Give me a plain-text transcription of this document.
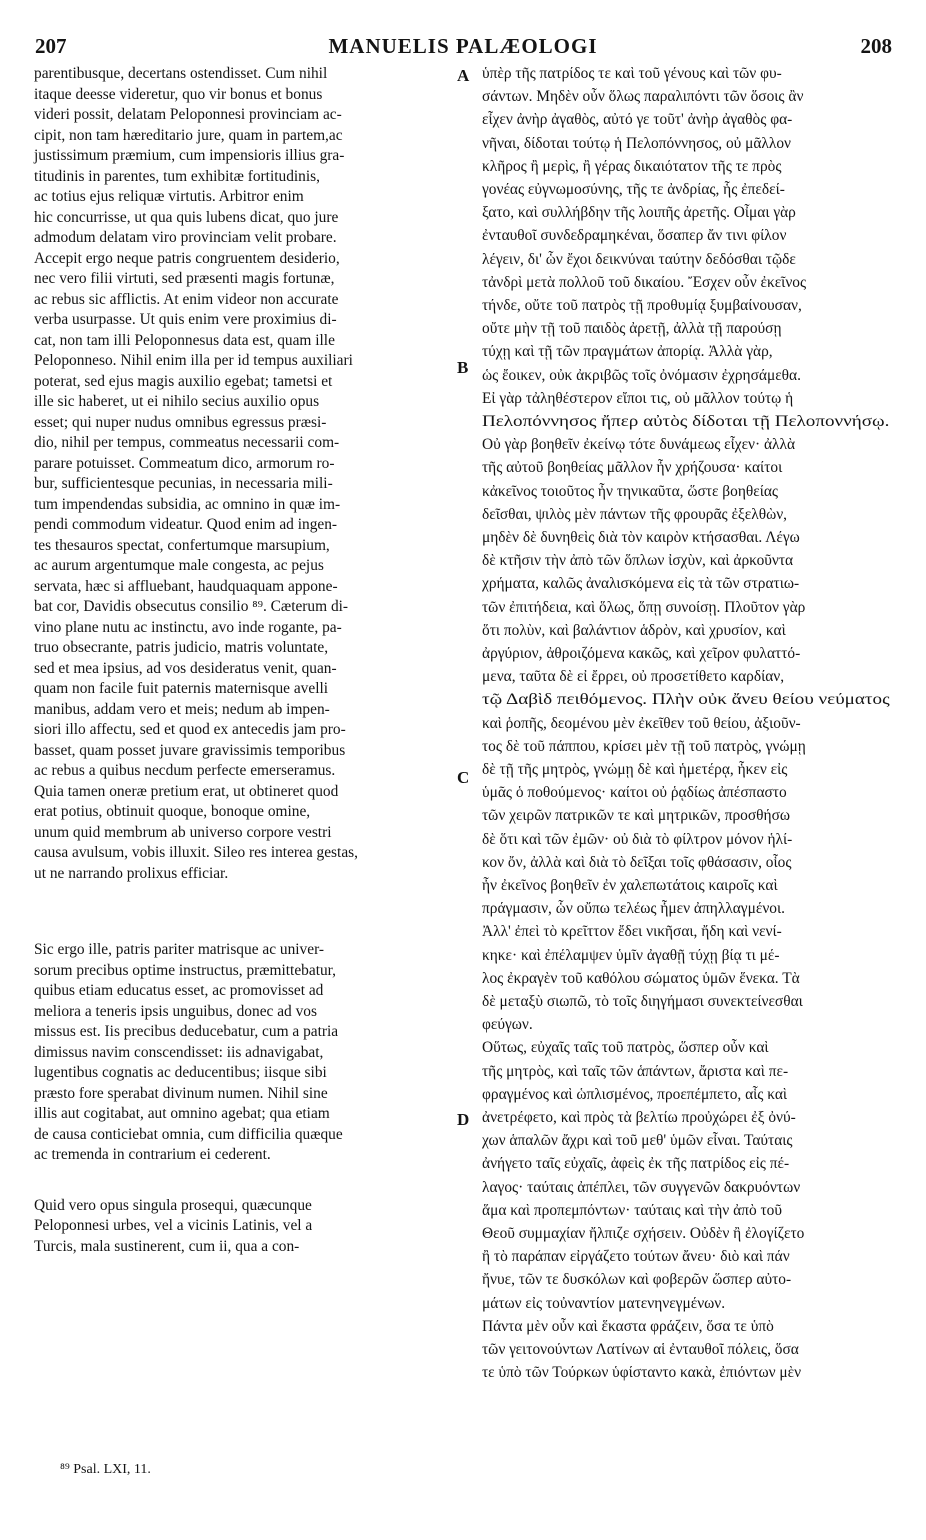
207	MANUELIS PALÆOLOGI	208
parentibusque, decertans ostendisset. Cum nihil
itaque deesse videretur, quo vir bonus et bonus
videri possit, delatam Peloponnesi provinciam ac-
cipit, non tam hæreditario jure, quam in partem,ac
justissimum præmium, cum impensioris illius gra-
titudinis in parentes, tum exhibitæ fortitudinis,
ac totius ejus reliquæ virtutis. Arbitror enim
hic concurrisse, ut qua quis lubens dicat, quo jure
admodum delatam viro provinciam velit probare.
Accepit ergo neque patris congruentem desiderio,
nec vero filii virtuti, sed præsenti magis fortunæ,
ac rebus sic afflictis. At enim videor non accurate
verba usurpasse. Ut quis enim vere proximius di-
cat, non tam illi Peloponnesus data est, quam ille
Peloponneso. Nihil enim illa per id tempus auxiliari
poterat, sed ejus magis auxilio egebat; tametsi et
ille sic haberet, ut ei nihilo secius auxilio opus
esset; qui nuper nudus omnibus egressus præsi-
dio, nihil per tempus, commeatus necessarii com-
parare potuisset. Commeatum dico, armorum ro-
bur, sufficientesque pecunias, in necessaria mili-
tum impendendas subsidia, ac omnino in quæ im-
pendi commodum videatur. Quod enim ad ingen-
tes thesauros spectat, confertumque marsupium,
ac aurum argentumque male congesta, ac pejus
servata, hæc si affluebant, haudquaquam appone-
bat cor, Davidis obsecutus consilio ⁸⁹. Cæterum di-
vino plane nutu ac instinctu, avo inde rogante, pa-
truo obsecrante, patris judicio, matris voluntate,
sed et mea ipsius, ad vos desideratus venit, quan-
quam non facile fuit paternis maternisque avelli
manibus, addam vero et meis; nedum ab impen-
siori illo affectu, sed et quod ex antecedis jam pro-
basset, quam posset juvare gravissimis temporibus
ac rebus a quibus necdum perfecte emerseramus.
Quia tamen oneræ pretium erat, ut obtineret quod
erat potius, obtinuit quoque, bonoque omine,
unum quid membrum ab universo corpore vestri
causa avulsum, vobis illuxit. Sileo res interea gestas,
ut ne narrando prolixus efficiar.
Sic ergo ille, patris pariter matrisque ac univer-
sorum precibus optime instructus, præmittebatur,
quibus etiam educatus esset, ac promovisset ad
meliora a teneris ipsis unguibus, donec ad vos
missus est. Iis precibus deducebatur, cum a patria
dimissus navim conscendisset: iis adnavigabat,
lugentibus cognatis ac deducentibus; iisque sibi
præsto fore sperabat divinum numen. Nihil sine
illis aut cogitabat, aut omnino agebat; qua etiam
de causa conticiebat omnia, cum difficilia quæque
ac tremenda in contrarium ei cederent.
Quid vero opus singula prosequi, quæcunque
Peloponnesi urbes, vel a vicinis Latinis, vel a
Turcis, mala sustinerent, cum ii, qua a con-
ὑπὲρ τῆς πατρίδος τε καὶ τοῦ γένους καὶ τῶν φυ-
σάντων. Μηδὲν οὖν ὅλως παραλιπόντι τῶν ὅσοις ἂν
εἶχεν ἀνὴρ ἀγαθὸς, αὐτό γε τοῦτ' ἀνὴρ ἀγαθὸς φα-
νῆναι, δίδοται τούτῳ ἡ Πελοπόννησος, οὐ μᾶλλον
κλῆρος ἢ μερὶς, ἢ γέρας δικαιότατον τῆς τε πρὸς
γονέας εὐγνωμοσύνης, τῆς τε ἀνδρίας, ἧς ἐπεδεί-
ξατο, καὶ συλλήβδην τῆς λοιπῆς ἀρετῆς. Οἶμαι γὰρ
ἐνταυθοῖ συνδεδραμηκέναι, ὅσαπερ ἄν τινι φίλον
λέγειν, δι' ὧν ἔχοι δεικνύναι ταύτην δεδόσθαι τῷδε
τἀνδρὶ μετὰ πολλοῦ τοῦ δικαίου. Ἔσχεν οὖν ἐκεῖνος
τήνδε, οὔτε τοῦ πατρὸς τῇ προθυμίᾳ ξυμβαίνουσαν,
οὔτε μὴν τῇ τοῦ παιδὸς ἀρετῇ, ἀλλὰ τῇ παρούσῃ
τύχῃ καὶ τῇ τῶν πραγμάτων ἀπορίᾳ. Ἀλλὰ γὰρ,
ὡς ἔοικεν, οὐκ ἀκριβῶς τοῖς ὀνόμασιν ἐχρησάμεθα.
Εἰ γὰρ τἀληθέστερον εἴποι τις, οὐ μᾶλλον τούτῳ ἡ
Πελοπόννησος ἤπερ αὐτὸς δίδοται τῇ Πελοποννήσῳ.
Οὐ γὰρ βοηθεῖν ἐκείνῳ τότε δυνάμεως εἶχεν· ἀλλὰ
τῆς αὐτοῦ βοηθείας μᾶλλον ἦν χρήζουσα· καίτοι
κἀκεῖνος τοιοῦτος ἦν τηνικαῦτα, ὥστε βοηθείας
δεῖσθαι, ψιλὸς μὲν πάντων τῆς φρουρᾶς ἐξελθὼν,
μηδὲν δὲ δυνηθεὶς διὰ τὸν καιρὸν κτήσασθαι. Λέγω
δὲ κτῆσιν τὴν ἀπὸ τῶν ὅπλων ἰσχὺν, καὶ ἀρκοῦντα
χρήματα, καλῶς ἀναλισκόμενα εἰς τὰ τῶν στρατιω-
τῶν ἐπιτήδεια, καὶ ὅλως, ὅπῃ συνοίσῃ. Πλοῦτον γὰρ
ὅτι πολὺν, καὶ βαλάντιον ἁδρὸν, καὶ χρυσίον, καὶ
ἀργύριον, ἀθροιζόμενα κακῶς, καὶ χεῖρον φυλαττό-
μενα, ταῦτα δὲ εἰ ἔρρει, οὐ προσετίθετο καρδίαν,
τῷ Δαβὶδ πειθόμενος. Πλὴν οὐκ ἄνευ θείου νεύματος
καὶ ῥοπῆς, δεομένου μὲν ἐκεῖθεν τοῦ θείου, ἀξιοῦν-
τος δὲ τοῦ πάππου, κρίσει μὲν τῇ τοῦ πατρὸς, γνώμῃ
δὲ τῇ τῆς μητρὸς, γνώμῃ δὲ καὶ ἡμετέρᾳ, ἧκεν εἰς
ὑμᾶς ὁ ποθούμενος· καίτοι οὐ ῥᾳδίως ἀπέσπαστο
τῶν χειρῶν πατρικῶν τε καὶ μητρικῶν, προσθήσω
δὲ ὅτι καὶ τῶν ἐμῶν· οὐ διὰ τὸ φίλτρον μόνον ἡλί-
κον ὄν, ἀλλὰ καὶ διὰ τὸ δεῖξαι τοῖς φθάσασιν, οἷος
ἦν ἐκεῖνος βοηθεῖν ἐν χαλεπωτάτοις καιροῖς καὶ
πράγμασιν, ὧν οὔπω τελέως ἦμεν ἀπηλλαγμένοι.
Ἀλλ' ἐπεὶ τὸ κρεῖττον ἔδει νικῆσαι, ἤδη καὶ νενί-
κηκε· καὶ ἐπέλαμψεν ὑμῖν ἀγαθῇ τύχῃ βίᾳ τι μέ-
λος ἐκραγὲν τοῦ καθόλου σώματος ὑμῶν ἕνεκα. Τὰ
δὲ μεταξὺ σιωπῶ, τὸ τοῖς διηγήμασι συνεκτείνεσθαι
φεύγων.
Οὕτως, εὐχαῖς ταῖς τοῦ πατρὸς, ὥσπερ οὖν καὶ
τῆς μητρὸς, καὶ ταῖς τῶν ἁπάντων, ἄριστα καὶ πε-
φραγμένος καὶ ὡπλισμένος, προεπέμπετο, αἷς καὶ
ἀνετρέφετο, καὶ πρὸς τὰ βελτίω προὐχώρει ἐξ ὀνύ-
χων ἁπαλῶν ἄχρι καὶ τοῦ μεθ' ὑμῶν εἶναι. Ταύταις
ἀνήγετο ταῖς εὐχαῖς, ἀφεὶς ἐκ τῆς πατρίδος εἰς πέ-
λαγος· ταύταις ἀπέπλει, τῶν συγγενῶν δακρυόντων
ἅμα καὶ προπεμπόντων· ταύταις καὶ τὴν ἀπὸ τοῦ
Θεοῦ συμμαχίαν ἤλπιζε σχήσειν. Οὐδὲν ἢ ἐλογίζετο
ἢ τὸ παράπαν εἰργάζετο τούτων ἄνευ· διὸ καὶ πάν
ἤνυε, τῶν τε δυσκόλων καὶ φοβερῶν ὥσπερ αὐτο-
μάτων εἰς τοὐναντίον ματενηνεγμένων.
Πάντα μὲν οὖν καὶ ἕκαστα φράζειν, ὅσα τε ὑπὸ
τῶν γειτονούντων Λατίνων αἱ ἐνταυθοῖ πόλεις, ὅσα
τε ὑπὸ τῶν Τούρκων ὑφίσταντο κακὰ, ἐπιόντων μὲν
A
B
C
D
⁸⁹ Psal. LXI, 11.
